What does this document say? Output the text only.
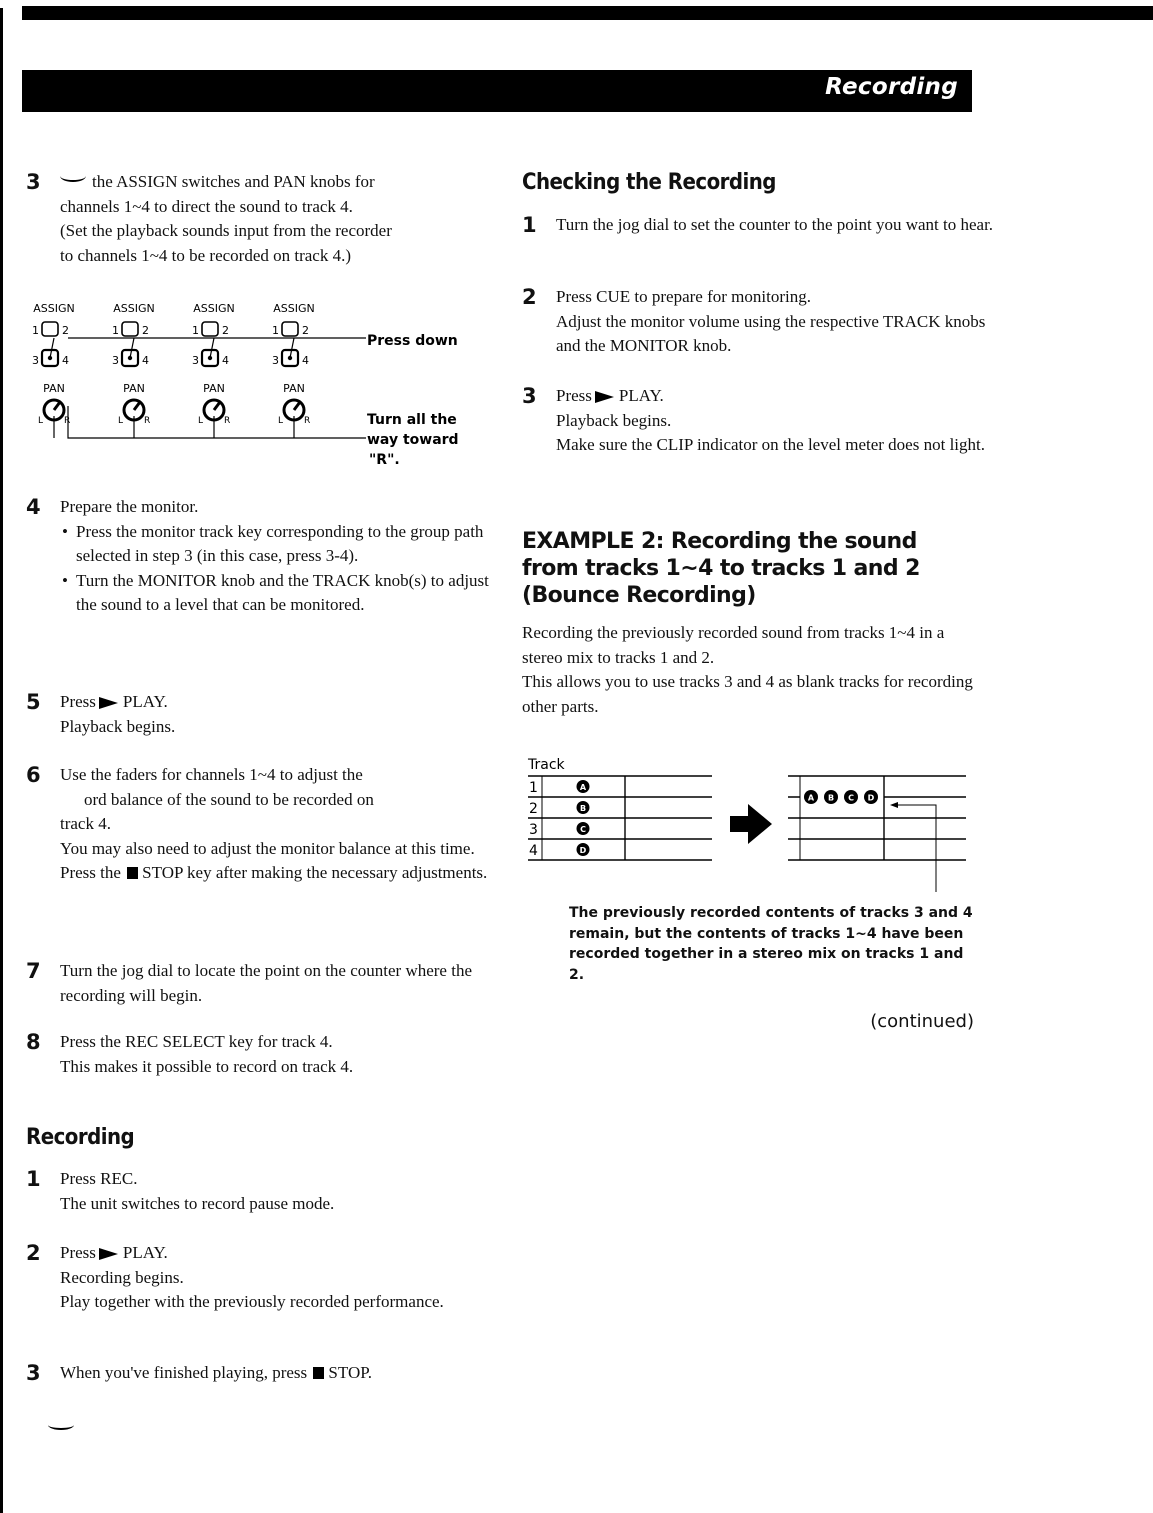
Recording
3	the ASSIGN switches and PAN knobs for
channels 1~4 to direct the sound to track 4.
(Set the playback sounds input from the recorder
to channels 1~4 to be recorded on track 4.)
ASSIGN
1 2
3 4
PAN
L R
ASSIGN
1 2
3 4
PAN
L R
ASSIGN
1 2
3 4
PAN
L R
ASSIGN
1 2
3 4
PAN
L R
Press down
Turn all the
way toward
"R".
4 Prepare the monitor.
• Press the monitor track key corresponding to the group path selected in step 3 (in this case, press 3-4).
• Turn the MONITOR knob and the TRACK knob(s) to adjust the sound to a level that can be monitored.
5 Press PLAY.
Playback begins.
6 Use the faders for channels 1~4 to adjust the
ord balance of the sound to be recorded on
track 4.
You may also need to adjust the monitor balance at this time.
Press the STOP key after making the necessary adjustments.
7 Turn the jog dial to locate the point on the counter where the recording will begin.
8 Press the REC SELECT key for track 4.
This makes it possible to record on track 4.
Recording
1 Press REC.
The unit switches to record pause mode.
2 Press PLAY.
Recording begins.
Play together with the previously recorded performance.
3 When you've finished playing, press STOP.
Checking the Recording
1 Turn the jog dial to set the counter to the point you want to hear.
2 Press CUE to prepare for monitoring.
Adjust the monitor volume using the respective TRACK knobs and the MONITOR knob.
3 Press PLAY.
Playback begins.
Make sure the CLIP indicator on the level meter does not light.
EXAMPLE 2: Recording the sound from tracks 1~4 to tracks 1 and 2 (Bounce Recording)
Recording the previously recorded sound from tracks 1~4 in a stereo mix to tracks 1 and 2.
This allows you to use tracks 3 and 4 as blank tracks for recording other parts.
Track
1
2
3
4
A
B
C
D
A B C D
The previously recorded contents of tracks 3 and 4 remain, but the contents of tracks 1~4 have been recorded together in a stereo mix on tracks 1 and 2.
(continued)
